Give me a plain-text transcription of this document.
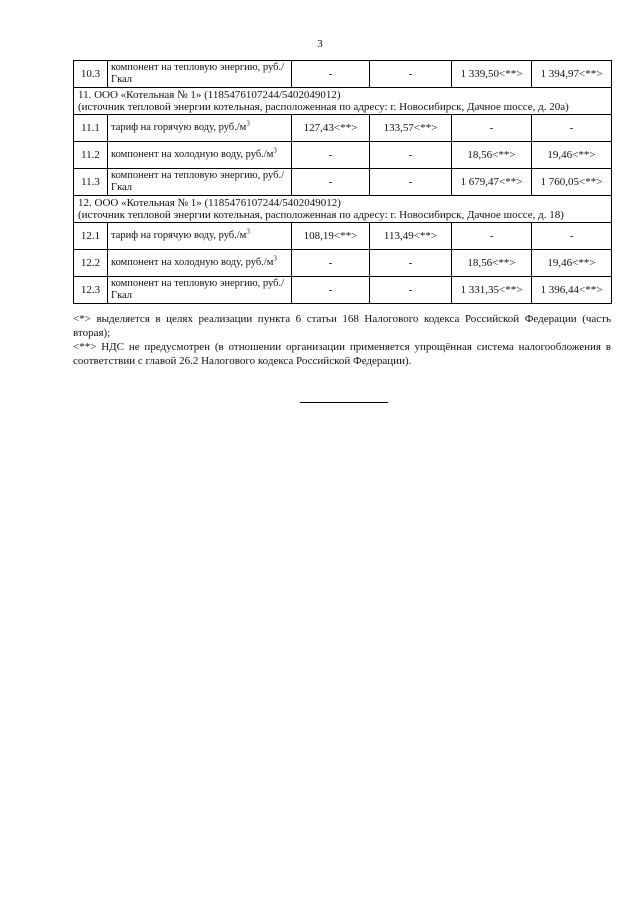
3
10.3	компонент на тепловую энергию, руб./Гкал	-	-	1 339,50<**>	1 394,97<**>

11. ООО «Котельная № 1» (1185476107244/5402049012)
(источник тепловой энергии котельная, расположенная по адресу: г. Новосибирск, Дачное шоссе, д. 20а)					

11.1	тариф на горячую воду, $руб./м^3$	127,43<**>	133,57<**>	-	-
11.2	компонент на холодную воду, $руб./м^3$	-	-	18,56<**>	19,46<**>
11.3	компонент на тепловую энергию, руб./Гкал	-	-	1 679,47<**>	1 760,05<**>

12. ООО «Котельная № 1» (1185476107244/5402049012)
(источник тепловой энергии котельная, расположенная по адресу: г. Новосибирск, Дачное шоссе, д. 18)					

12.1	тариф на горячую воду, $руб./м^3$	108,19<**>	113,49<**>	-	-
12.2	компонент на холодную воду, $руб./м^3$	-	-	18,56<**>	19,46<**>
12.3	компонент на тепловую энергию, руб./Гкал	-	-	1 331,35<**>	1 396,44<**>

<*> выделяется в целях реализации пункта 6 статьи 168 Налогового кодекса Российской Федерации (часть вторая);

<**> НДС не предусмотрен (в отношении организации применяется упрощённая система налогообложения в соответствии с главой 26.2 Налогового кодекса Российской Федерации).
